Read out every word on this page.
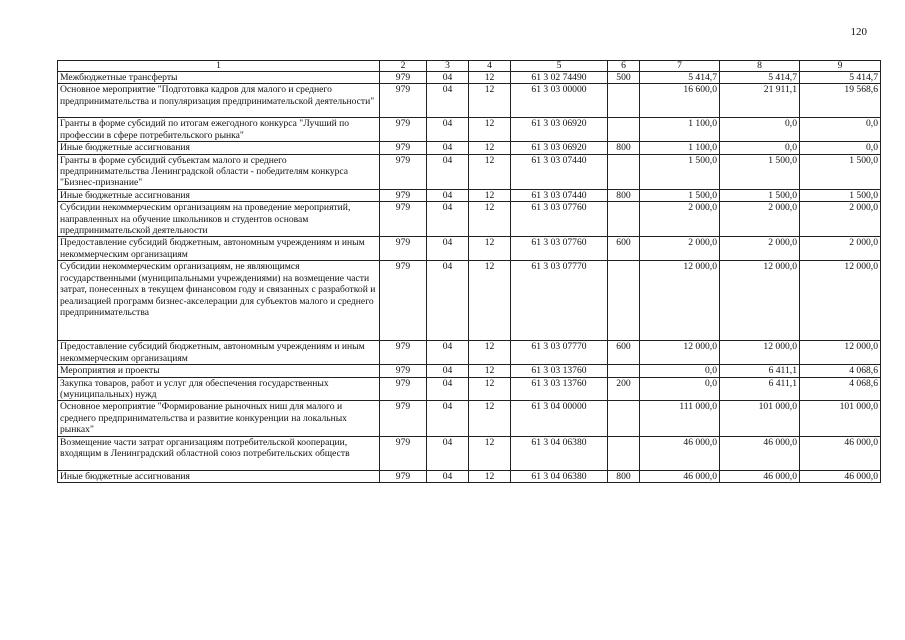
120
1	2	3	4	5	6	7	8	9
Межбюджетные трансферты	979	04	12	61 3 02 74490	500	5 414,7	5 414,7	5 414,7
Основное мероприятие "Подготовка кадров для малого и среднего предпринимательства и популяризация предпринимательской деятельности"	979	04	12	61 3 03 00000		16 600,0	21 911,1	19 568,6
Гранты в форме субсидий по итогам ежегодного конкурса "Лучший по профессии в сфере потребительского рынка"	979	04	12	61 3 03 06920		1 100,0	0,0	0,0
Иные бюджетные ассигнования	979	04	12	61 3 03 06920	800	1 100,0	0,0	0,0
Гранты в форме субсидий субъектам малого и среднего предпринимательства Ленинградской области - победителям конкурса "Бизнес-признание"	979	04	12	61 3 03 07440		1 500,0	1 500,0	1 500,0
Иные бюджетные ассигнования	979	04	12	61 3 03 07440	800	1 500,0	1 500,0	1 500,0
Субсидии некоммерческим организациям на проведение мероприятий, направленных на обучение школьников и студентов основам предпринимательской деятельности	979	04	12	61 3 03 07760		2 000,0	2 000,0	2 000,0
Предоставление субсидий бюджетным, автономным учреждениям и иным некоммерческим организациям	979	04	12	61 3 03 07760	600	2 000,0	2 000,0	2 000,0
Субсидии некоммерческим организациям, не являющимся государственными (муниципальными учреждениями) на возмещение части затрат, понесенных в текущем финансовом году и связанных с разработкой и реализацией программ бизнес-акселерации для субъектов малого и среднего предпринимательства	979	04	12	61 3 03 07770		12 000,0	12 000,0	12 000,0
Предоставление субсидий бюджетным, автономным учреждениям и иным некоммерческим организациям	979	04	12	61 3 03 07770	600	12 000,0	12 000,0	12 000,0
Мероприятия и проекты	979	04	12	61 3 03 13760		0,0	6 411,1	4 068,6
Закупка товаров, работ и услуг для обеспечения государственных (муниципальных) нужд	979	04	12	61 3 03 13760	200	0,0	6 411,1	4 068,6
Основное мероприятие "Формирование рыночных ниш для малого и среднего предпринимательства и развитие конкуренции на локальных рынках"	979	04	12	61 3 04 00000		111 000,0	101 000,0	101 000,0
Возмещение части затрат организациям потребительской кооперации, входящим в Ленинградский областной союз потребительских обществ	979	04	12	61 3 04 06380		46 000,0	46 000,0	46 000,0
Иные бюджетные ассигнования	979	04	12	61 3 04 06380	800	46 000,0	46 000,0	46 000,0
